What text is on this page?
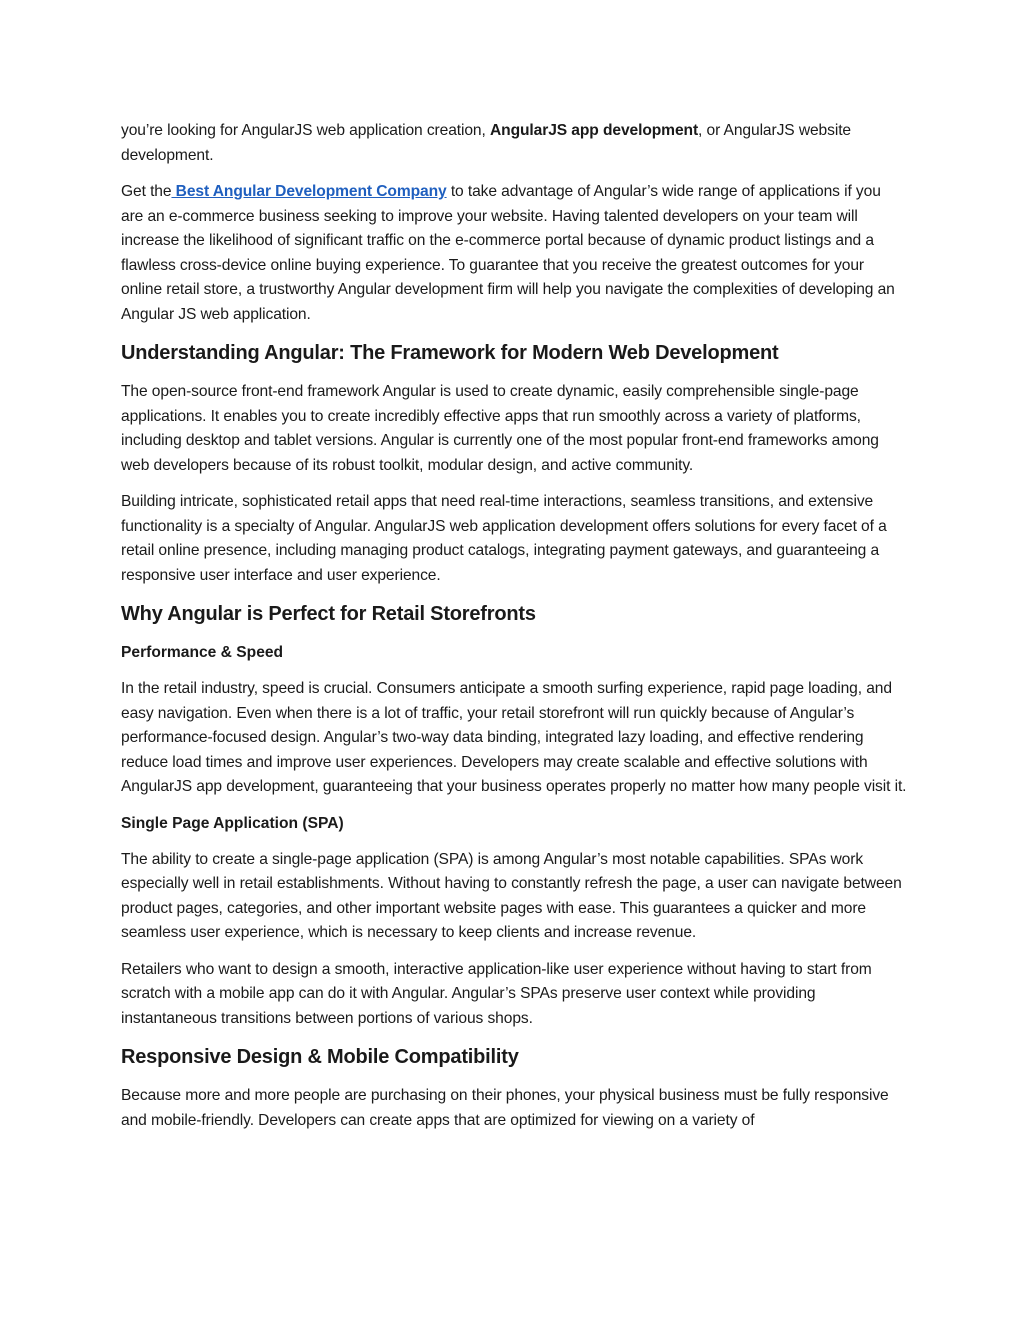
you’re looking for AngularJS web application creation, AngularJS app development, or AngularJS website development.

Get the Best Angular Development Company to take advantage of Angular’s wide range of applications if you are an e-commerce business seeking to improve your website. Having talented developers on your team will increase the likelihood of significant traffic on the e-commerce portal because of dynamic product listings and a flawless cross-device online buying experience. To guarantee that you receive the greatest outcomes for your online retail store, a trustworthy Angular development firm will help you navigate the complexities of developing an Angular JS web application.

Understanding Angular: The Framework for Modern Web Development

The open-source front-end framework Angular is used to create dynamic, easily comprehensible single-page applications. It enables you to create incredibly effective apps that run smoothly across a variety of platforms, including desktop and tablet versions. Angular is currently one of the most popular front-end frameworks among web developers because of its robust toolkit, modular design, and active community.

Building intricate, sophisticated retail apps that need real-time interactions, seamless transitions, and extensive functionality is a specialty of Angular. AngularJS web application development offers solutions for every facet of a retail online presence, including managing product catalogs, integrating payment gateways, and guaranteeing a responsive user interface and user experience.

Why Angular is Perfect for Retail Storefronts
Performance & Speed

In the retail industry, speed is crucial. Consumers anticipate a smooth surfing experience, rapid page loading, and easy navigation. Even when there is a lot of traffic, your retail storefront will run quickly because of Angular’s performance-focused design. Angular’s two-way data binding, integrated lazy loading, and effective rendering reduce load times and improve user experiences. Developers may create scalable and effective solutions with AngularJS app development, guaranteeing that your business operates properly no matter how many people visit it.

Single Page Application (SPA)

The ability to create a single-page application (SPA) is among Angular’s most notable capabilities. SPAs work especially well in retail establishments. Without having to constantly refresh the page, a user can navigate between product pages, categories, and other important website pages with ease. This guarantees a quicker and more seamless user experience, which is necessary to keep clients and increase revenue.

Retailers who want to design a smooth, interactive application-like user experience without having to start from scratch with a mobile app can do it with Angular. Angular’s SPAs preserve user context while providing instantaneous transitions between portions of various shops.

Responsive Design & Mobile Compatibility

Because more and more people are purchasing on their phones, your physical business must be fully responsive and mobile-friendly. Developers can create apps that are optimized for viewing on a variety of
